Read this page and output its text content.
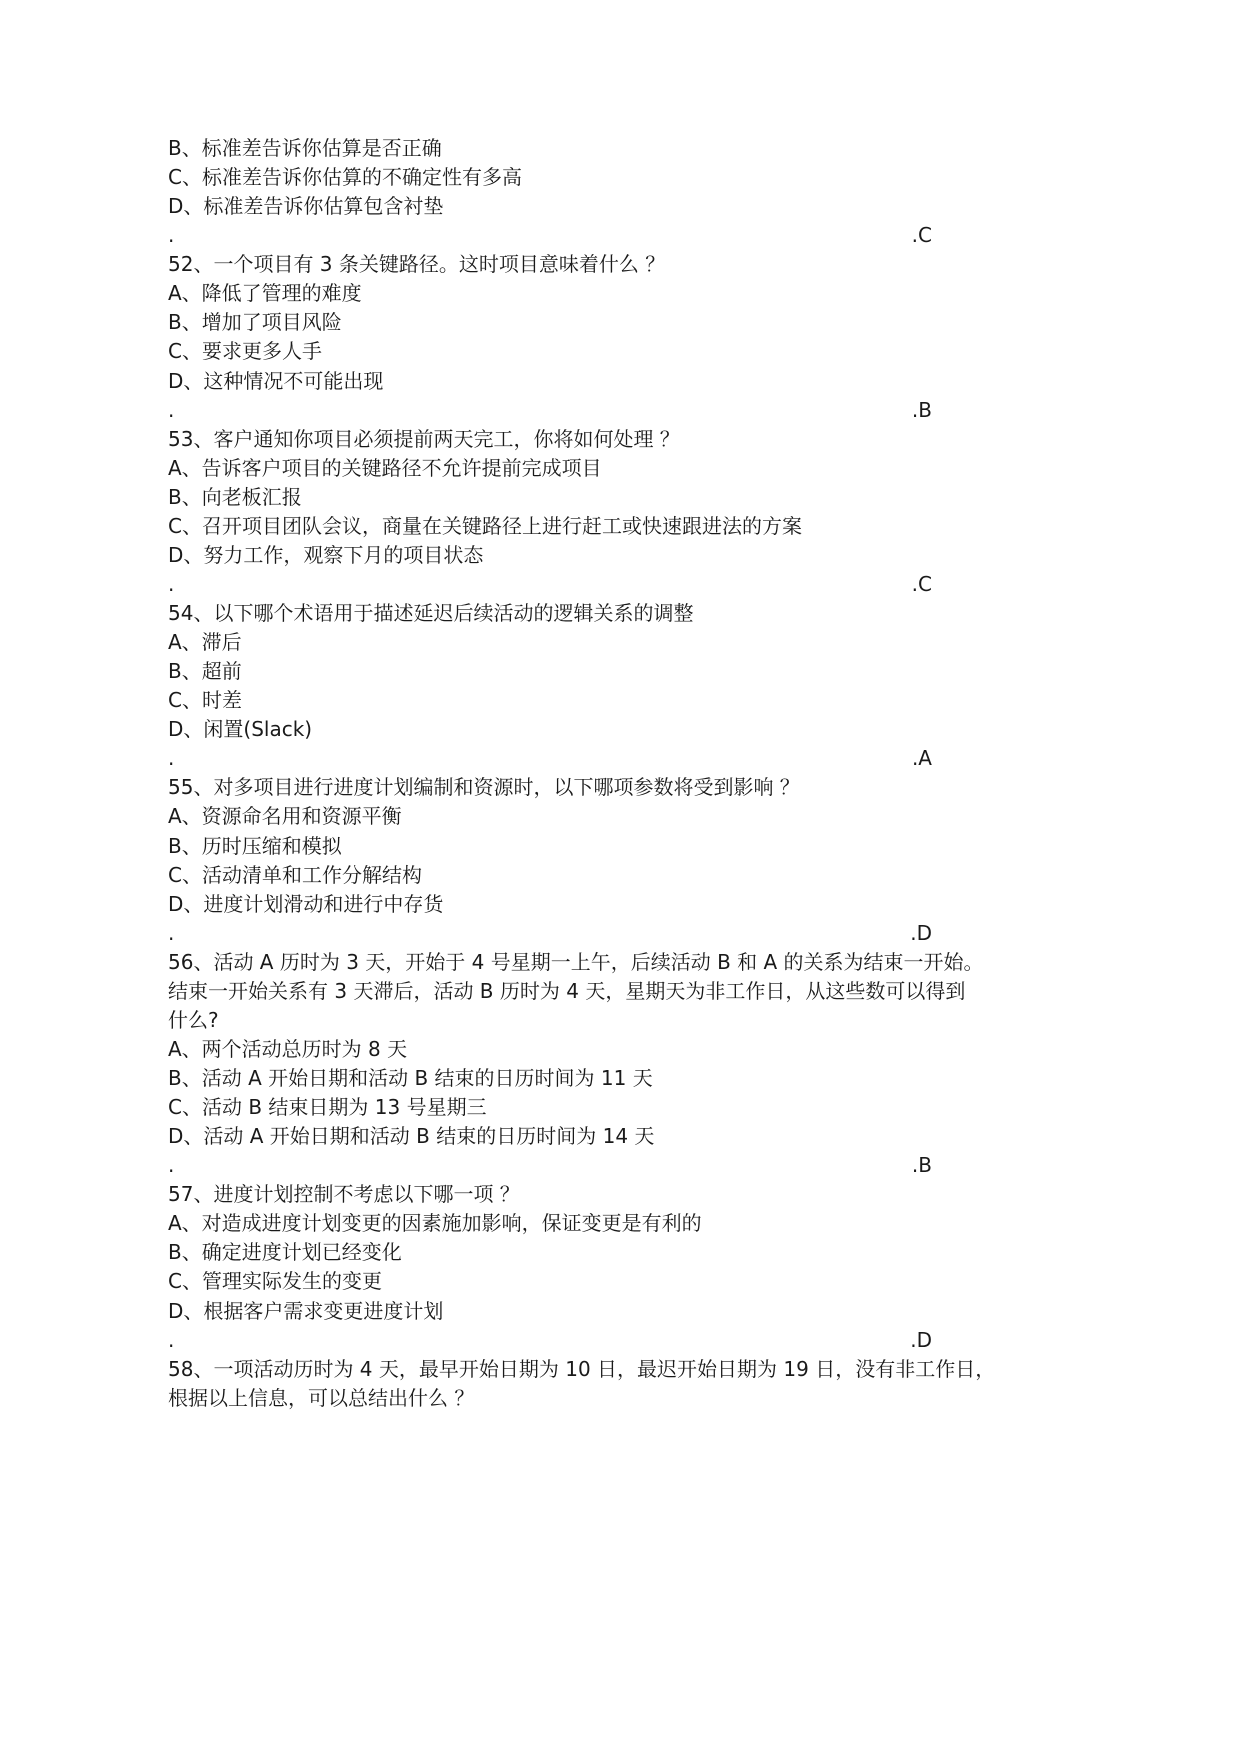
B、标准差告诉你估算是否正确
C、标准差告诉你估算的不确定性有多高
D、标准差告诉你估算包含衬垫
.	.C
52、一个项目有 3 条关键路径。这时项目意味着什么 ？
A、降低了管理的难度
B、增加了项目风险
C、要求更多人手
D、这种情况不可能出现
.	.B
53、客户通知你项目必须提前两天完工，你将如何处理 ？
A、告诉客户项目的关键路径不允许提前完成项目
B、向老板汇报
C、召开项目团队会议，商量在关键路径上进行赶工或快速跟进法的方案
D、努力工作，观察下月的项目状态
.	.C
54、以下哪个术语用于描述延迟后续活动的逻辑关系的调整
A、滞后
B、超前
C、时差
D、闲置(Slack)
.	.A
55、对多项目进行进度计划编制和资源时，以下哪项参数将受到影响 ？
A、资源命名用和资源平衡
B、历时压缩和模拟
C、活动清单和工作分解结构
D、进度计划滑动和进行中存货
.	.D
56、活动 A 历时为 3 天，开始于 4 号星期一上午，后续活动 B 和 A 的关系为结束一开始。
结束一开始关系有 3 天滞后，活动 B 历时为 4 天，星期天为非工作日，从这些数可以得到
什么?
A、两个活动总历时为 8 天
B、活动 A 开始日期和活动 B 结束的日历时间为 11 天
C、活动 B 结束日期为 13 号星期三
D、活动 A 开始日期和活动 B 结束的日历时间为 14 天
.	.B
57、进度计划控制不考虑以下哪一项 ？
A、对造成进度计划变更的因素施加影响，保证变更是有利的
B、确定进度计划已经变化
C、管理实际发生的变更
D、根据客户需求变更进度计划
.	.D
58、一项活动历时为 4 天，最早开始日期为 10 日，最迟开始日期为 19 日，没有非工作日，
根据以上信息，可以总结出什么 ？
